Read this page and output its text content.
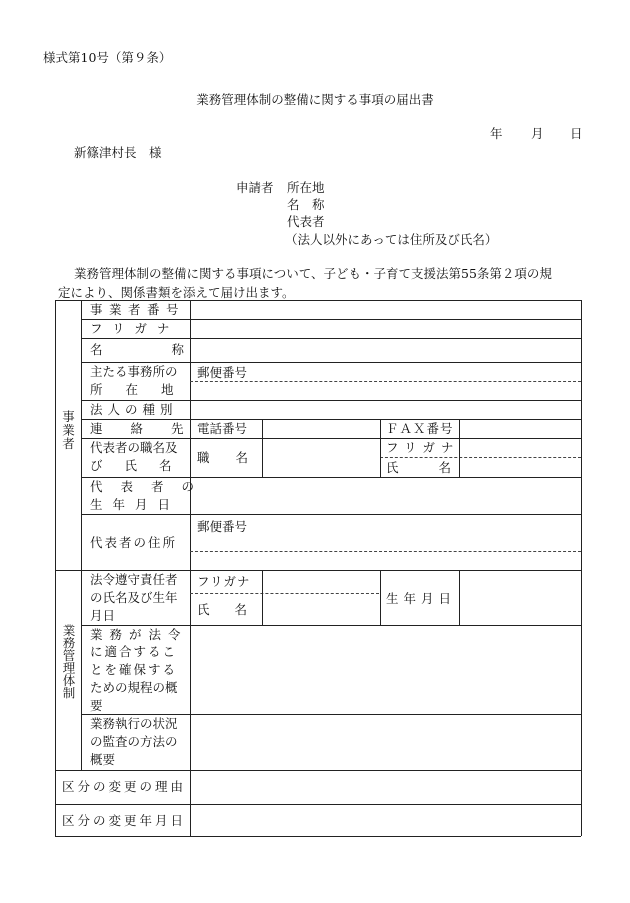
様式第10号（第９条）
業務管理体制の整備に関する事項の届出書
年 月 日
新篠津村長　様
申請者 所在地
名　称
代表者
（法人以外にあっては住所及び氏名）
業務管理体制の整備に関する事項について、子ども・子育て支援法第55条第２項の規
定により、関係書類を添えて届け出ます。
事業者
業務管理体制
事業者番号
フリガナ
名称
主たる事務所の
所在地
法人の種別
連絡先
代表者の職名及
び氏名
代表者の
生年月日
代表者の住所
法令遵守責任者
の氏名及び生年
月日
業務が法令
に適合するこ
とを確保する
ための規程の概
要
業務執行の状況
の監査の方法の
概要
区分の変更の理由
区分の変更年月日
郵便番号
電話番号	ＦＡＸ番号
職名
フリガナ
氏名
郵便番号
フリガナ
氏　　名
生年月日
